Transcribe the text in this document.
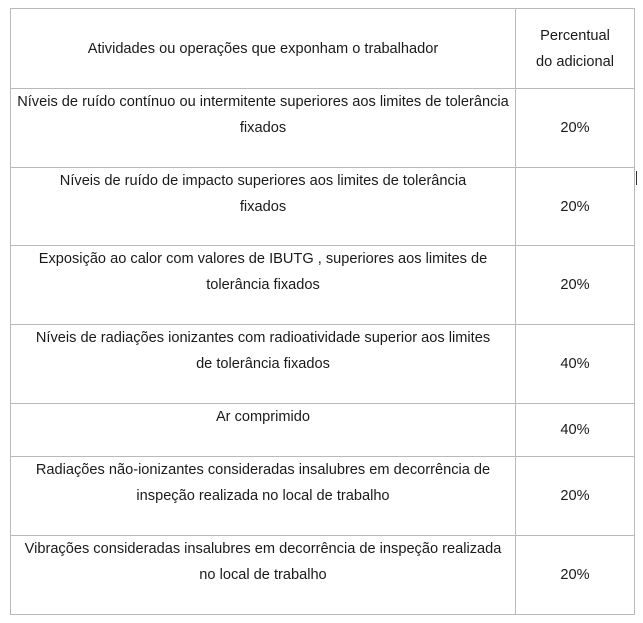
Atividades ou operações que exponham o trabalhador	Percentual do adicional
Níveis de ruído contínuo ou intermitente superiores aos limites de tolerância fixados	20%
Níveis de ruído de impacto superiores aos limites de tolerância fixados	20%
Exposição ao calor com valores de IBUTG , superiores aos limites de tolerância fixados	20%
Níveis de radiações ionizantes com radioatividade superior aos limites de tolerância fixados	40%
Ar comprimido	40%
Radiações não-ionizantes consideradas insalubres em decorrência de inspeção realizada no local de trabalho	20%
Vibrações consideradas insalubres em decorrência de inspeção realizada no local de trabalho	20%
